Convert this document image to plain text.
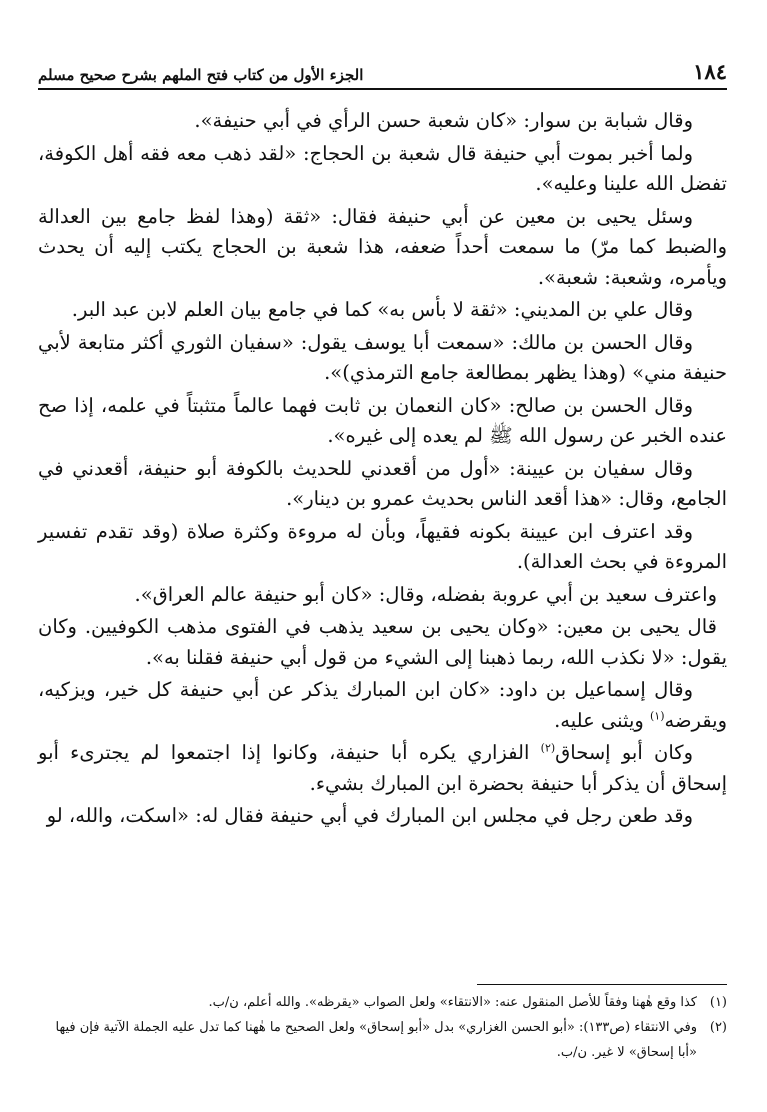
١٨٤
الجزء الأول من كتاب فتح الملهم بشرح صحيح مسلم

وقال شبابة بن سوار: «كان شعبة حسن الرأي في أبي حنيفة».

ولما أخبر بموت أبي حنيفة قال شعبة بن الحجاج: «لقد ذهب معه فقه أهل الكوفة، تفضل الله علينا وعليه».

وسئل يحيى بن معين عن أبي حنيفة فقال: «ثقة (وهذا لفظ جامع بين العدالة والضبط كما مرّ) ما سمعت أحداً ضعفه، هذا شعبة بن الحجاج يكتب إليه أن يحدث ويأمره، وشعبة: شعبة».

وقال علي بن المديني: «ثقة لا بأس به» كما في جامع بيان العلم لابن عبد البر.

وقال الحسن بن مالك: «سمعت أبا يوسف يقول: «سفيان الثوري أكثر متابعة لأبي حنيفة مني» (وهذا يظهر بمطالعة جامع الترمذي)».

وقال الحسن بن صالح: «كان النعمان بن ثابت فهما عالماً متثبتاً في علمه، إذا صح عنده الخبر عن رسول الله ﷺ لم يعده إلى غيره».

وقال سفيان بن عيينة: «أول من أقعدني للحديث بالكوفة أبو حنيفة، أقعدني في الجامع، وقال: «هذا أقعد الناس بحديث عمرو بن دينار».

وقد اعترف ابن عيينة بكونه فقيهاً، وبأن له مروءة وكثرة صلاة (وقد تقدم تفسير المروءة في بحث العدالة).

واعترف سعيد بن أبي عروبة بفضله، وقال: «كان أبو حنيفة عالم العراق».

قال يحيى بن معين: «وكان يحيى بن سعيد يذهب في الفتوى مذهب الكوفيين. وكان يقول: «لا نكذب الله، ربما ذهبنا إلى الشيء من قول أبي حنيفة فقلنا به».

وقال إسماعيل بن داود: «كان ابن المبارك يذكر عن أبي حنيفة كل خير، ويزكيه، ويقرضه$^{(١)}$ ويثنى عليه.

وكان أبو إسحاق$^{(٢)}$ الفزاري يكره أبا حنيفة، وكانوا إذا اجتمعوا لم يجترىء أبو إسحاق أن يذكر أبا حنيفة بحضرة ابن المبارك بشيء.

وقد طعن رجل في مجلس ابن المبارك في أبي حنيفة فقال له: «اسكت، والله، لو

(١)
كذا وقع هٰهنا وفقاً للأصل المنقول عنه: «الانتقاء» ولعل الصواب «يقرظه». والله أعلم، ن/ب.
(٢)
وفي الانتقاء (ص١٣٣): «أبو الحسن الغزاري» بدل «أبو إسحاق» ولعل الصحيح ما هٰهنا كما تدل عليه الجملة الآتية فإن فيها «أبا إسحاق» لا غير. ن/ب.
